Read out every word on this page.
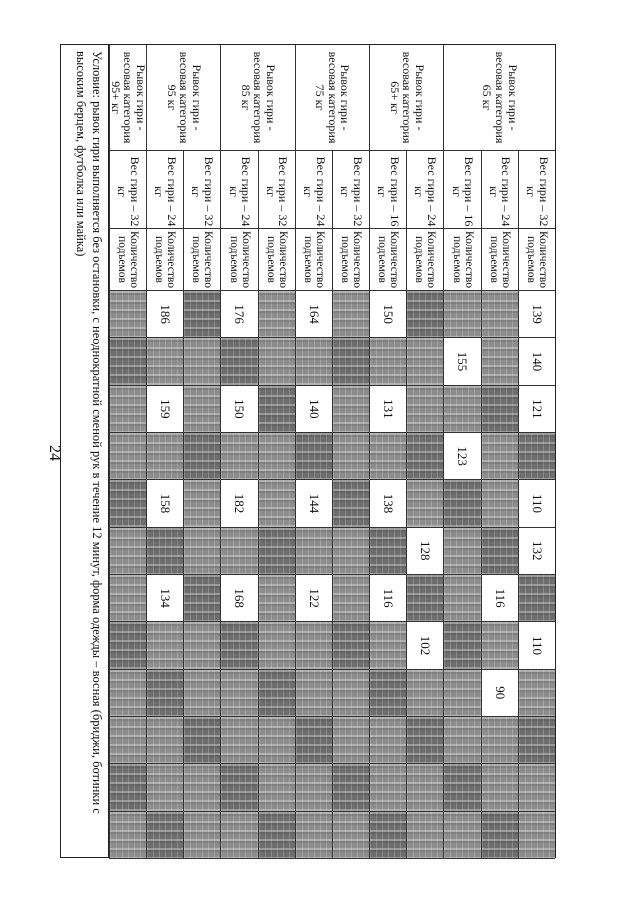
24
Рывок гири - весовая категория 65 кг
Рывок гири - весовая категория 65+ кг
Рывок гири - весовая категория 75 кг
Рывок гири - весовая категория 85 кг
Рывок гири - весовая категория 95 кг
Рывок гири - весовая категория 95+ кг
Вес гири – 32 кг
Количество подъемов
139
140
121
110
132
110
Вес гири – 24 кг
Количество подъемов
116
90
Вес гири – 16 кг
Количество подъемов
155
123
Вес гири – 24 кг
Количество подъемов
128
102
Вес гири – 16 кг
Количество подъемов
150
131
138
116
Вес гири – 32 кг
Количество подъемов
Вес гири – 24 кг
Количество подъемов
164
140
144
122
Вес гири – 32 кг
Количество подъемов
Вес гири – 24 кг
Количество подъемов
176
150
182
168
Вес гири – 32 кг
Количество подъемов
Вес гири – 24 кг
Количество подъемов
186
159
158
134
Вес гири – 32 кг
Количество подъемов
Условие: рывок гири выполняется без остановки, с неоднократной сменой рук в течение 12 минут, форма одежды – восная (бриджи, ботинки с высоким берцем, футболка или майка)
